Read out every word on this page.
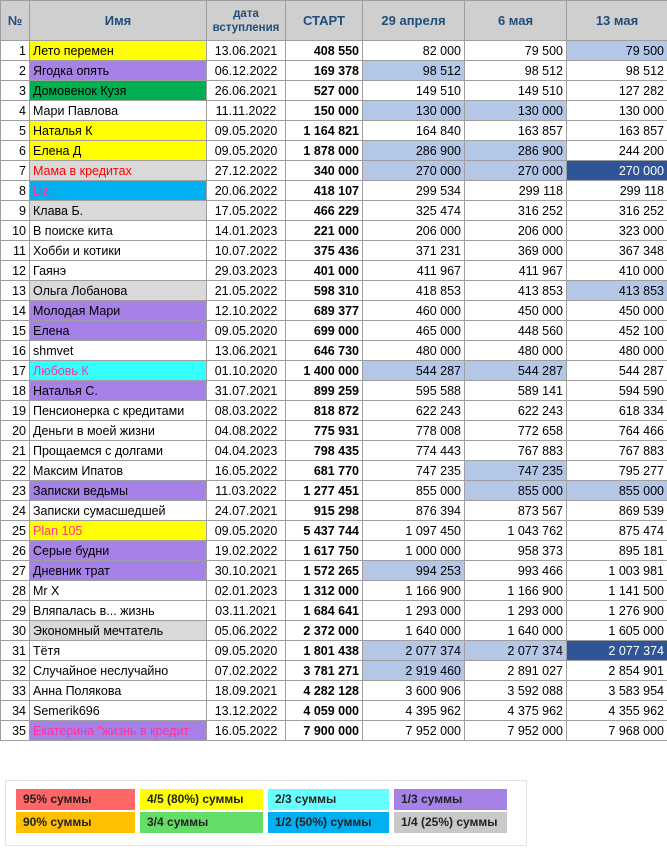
№	Имя	дата вступления	СТАРТ	29 апреля	6 мая	13 мая
1	Лето перемен	13.06.2021	408 550	82 000	79 500	79 500
2	Ягодка опять	06.12.2022	169 378	98 512	98 512	98 512
3	Домовенок Кузя	26.06.2021	527 000	149 510	149 510	127 282
4	Мари Павлова	11.11.2022	150 000	130 000	130 000	130 000
5	Наталья К	09.05.2020	1 164 821	164 840	163 857	163 857
6	Елена Д	09.05.2020	1 878 000	286 900	286 900	244 200
7	Мама в кредитах	27.12.2022	340 000	270 000	270 000	270 000
8	Liz	20.06.2022	418 107	299 534	299 118	299 118
9	Клава Б.	17.05.2022	466 229	325 474	316 252	316 252
10	В поиске кита	14.01.2023	221 000	206 000	206 000	323 000
11	Хобби и котики	10.07.2022	375 436	371 231	369 000	367 348
12	Гаянэ	29.03.2023	401 000	411 967	411 967	410 000
13	Ольга Лобанова	21.05.2022	598 310	418 853	413 853	413 853
14	Молодая Мари	12.10.2022	689 377	460 000	450 000	450 000
15	Елена	09.05.2020	699 000	465 000	448 560	452 100
16	shmvet	13.06.2021	646 730	480 000	480 000	480 000
17	Любовь К	01.10.2020	1 400 000	544 287	544 287	544 287
18	Наталья С.	31.07.2021	899 259	595 588	589 141	594 590
19	Пенсионерка с кредитами	08.03.2022	818 872	622 243	622 243	618 334
20	Деньги в моей жизни	04.08.2022	775 931	778 008	772 658	764 466
21	Прощаемся с долгами	04.04.2023	798 435	774 443	767 883	767 883
22	Максим Ипатов	16.05.2022	681 770	747 235	747 235	795 277
23	Записки ведьмы	11.03.2022	1 277 451	855 000	855 000	855 000
24	Записки сумасшедшей	24.07.2021	915 298	876 394	873 567	869 539
25	Plan 105	09.05.2020	5 437 744	1 097 450	1 043 762	875 474
26	Серые будни	19.02.2022	1 617 750	1 000 000	958 373	895 181
27	Дневник трат	30.10.2021	1 572 265	994 253	993 466	1 003 981
28	Mr X	02.01.2023	1 312 000	1 166 900	1 166 900	1 141 500
29	Вляпалась в... жизнь	03.11.2021	1 684 641	1 293 000	1 293 000	1 276 900
30	Экономный мечтатель	05.06.2022	2 372 000	1 640 000	1 640 000	1 605 000
31	Тётя	09.05.2020	1 801 438	2 077 374	2 077 374	2 077 374
32	Случайное неслучайно	07.02.2022	3 781 271	2 919 460	2 891 027	2 854 901
33	Анна Полякова	18.09.2021	4 282 128	3 600 906	3 592 088	3 583 954
34	Semerik696	13.12.2022	4 059 000	4 395 962	4 375 962	4 355 962
35	Екатерина "жизнь в кредит	16.05.2022	7 900 000	7 952 000	7 952 000	7 968 000
95% суммы	4/5 (80%) суммы	2/3 суммы	1/3 суммы
90% суммы	3/4 суммы	1/2 (50%) суммы	1/4 (25%) суммы
